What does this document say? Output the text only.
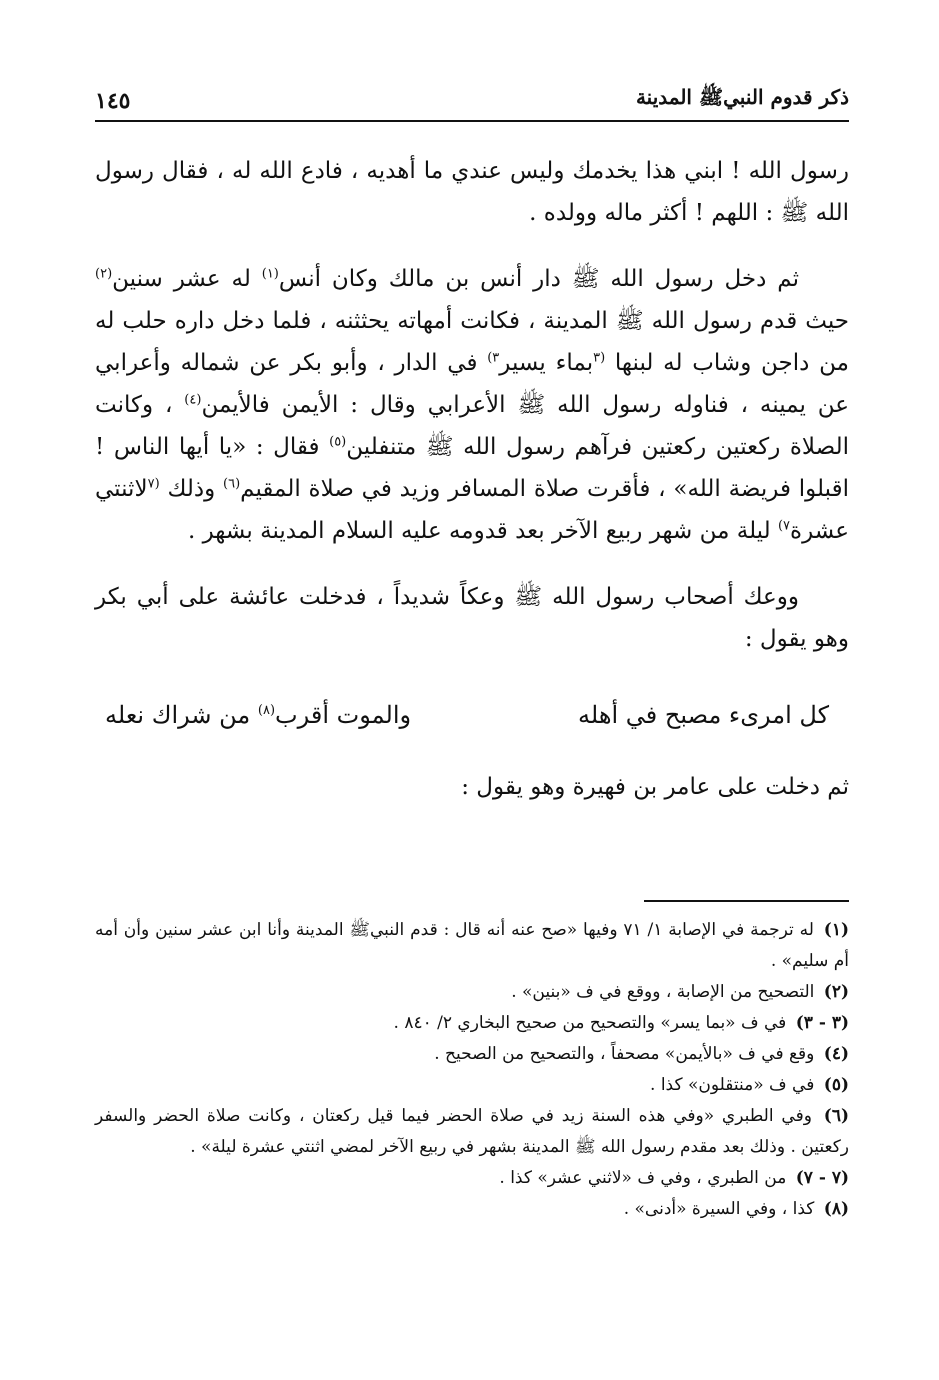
ذكر قدوم النبيﷺ المدينة
١٤٥

رسول الله ! ابني هذا يخدمك وليس عندي ما أهديه ، فادع الله له ، فقال رسول الله ﷺ : اللهم ! أكثر ماله وولده .

ثم دخل رسول الله ﷺ دار أنس بن مالك وكان أنس$^{(١)}$ له عشر سنين$^{(٢)}$ حيث قدم رسول الله ﷺ المدينة ، فكانت أمهاته يحثثنه ، فلما دخل داره حلب له من داجن وشاب له لبنها $^{(٣}$بماء يسير$^{٣)}$ في الدار ، وأبو بكر عن شماله وأعرابي عن يمينه ، فناوله رسول الله ﷺ الأعرابي وقال : الأيمن فالأيمن$^{(٤)}$ ، وكانت الصلاة ركعتين ركعتين فرآهم رسول الله ﷺ متنفلين$^{(٥)}$ فقال : «يا أيها الناس ! اقبلوا فريضة الله» ، فأقرت صلاة المسافر وزيد في صلاة المقيم$^{(٦)}$ وذلك $^{(٧}$لاثنتي عشرة$^{٧)}$ ليلة من شهر ربيع الآخر بعد قدومه عليه السلام المدينة بشهر .

ووعك أصحاب رسول الله ﷺ وعكاً شديداً ، فدخلت عائشة على أبي بكر وهو يقول :

كل امرىء مصبح في أهله
والموت أقرب$^{(٨)}$ من شراك نعله

ثم دخلت على عامر بن فهيرة وهو يقول :

(١) له ترجمة في الإصابة ١/ ٧١ وفيها «صح عنه أنه قال : قدم النبيﷺ المدينة وأنا ابن عشر سنين وأن أمه أم سليم» .

(٢) التصحيح من الإصابة ، ووقع في ف «بنين» .

(٣ - ٣) في ف «بما يسر» والتصحيح من صحيح البخاري ٢/ ٨٤٠ .

(٤) وقع في ف «بالأيمن» مصحفاً ، والتصحيح من الصحيح .

(٥) في ف «منتقلون» كذا .

(٦) وفي الطبري «وفي هذه السنة زيد في صلاة الحضر فيما قيل ركعتان ، وكانت صلاة الحضر والسفر ركعتين . وذلك بعد مقدم رسول الله ﷺ المدينة بشهر في ربيع الآخر لمضي اثنتي عشرة ليلة» .

(٧ - ٧) من الطبري ، وفي ف «لاثني عشر» كذا .

(٨) كذا ، وفي السيرة «أدنى» .
